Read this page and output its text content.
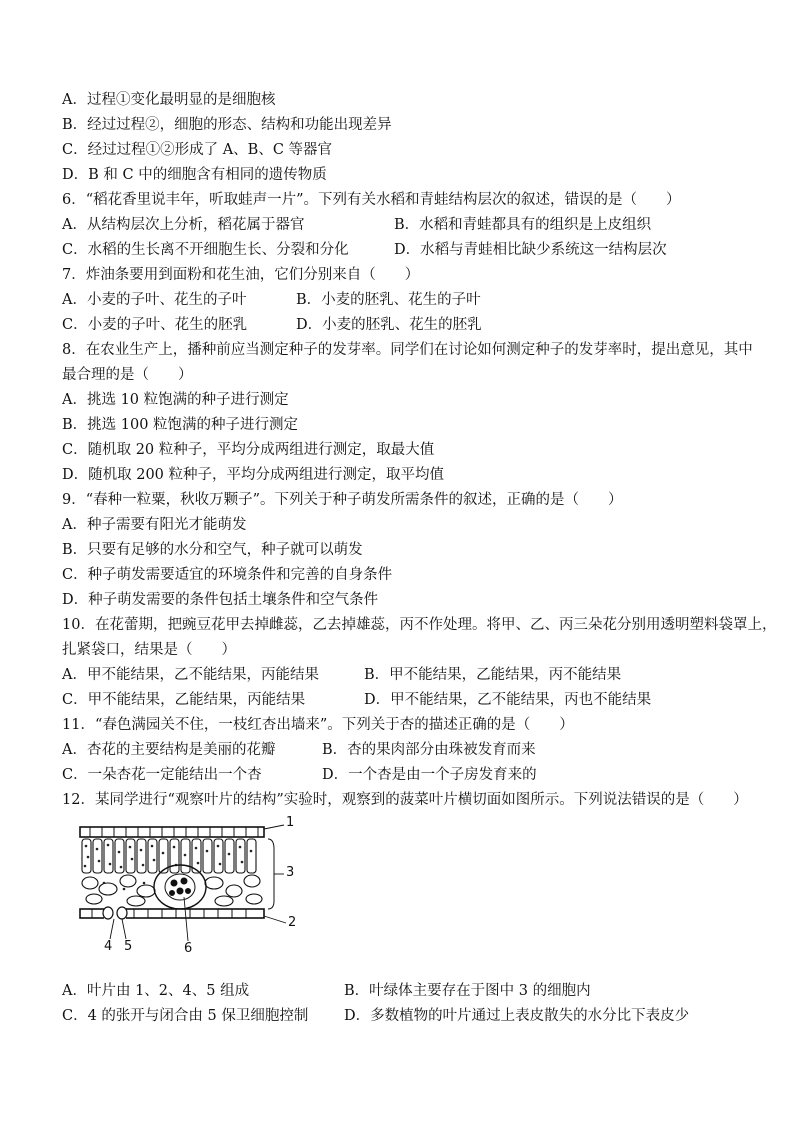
A．过程①变化最明显的是细胞核
B．经过过程②，细胞的形态、结构和功能出现差异
C．经过过程①②形成了 A、B、C 等器官
D．B 和 C 中的细胞含有相同的遗传物质
6．“稻花香里说丰年，听取蛙声一片”。下列有关水稻和青蛙结构层次的叙述，错误的是（　　）
A．从结构层次上分析，稻花属于器官	B．水稻和青蛙都具有的组织是上皮组织
C．水稻的生长离不开细胞生长、分裂和分化	D．水稻与青蛙相比缺少系统这一结构层次
7．炸油条要用到面粉和花生油，它们分别来自（　　）
A．小麦的子叶、花生的子叶	B．小麦的胚乳、花生的子叶
C．小麦的子叶、花生的胚乳	D．小麦的胚乳、花生的胚乳
8．在农业生产上，播种前应当测定种子的发芽率。同学们在讨论如何测定种子的发芽率时，提出意见，其中
最合理的是（　　）
A．挑选 10 粒饱满的种子进行测定
B．挑选 100 粒饱满的种子进行测定
C．随机取 20 粒种子，平均分成两组进行测定，取最大值
D．随机取 200 粒种子，平均分成两组进行测定，取平均值
9．“春种一粒粟，秋收万颗子”。下列关于种子萌发所需条件的叙述，正确的是（　　）
A．种子需要有阳光才能萌发
B．只要有足够的水分和空气，种子就可以萌发
C．种子萌发需要适宜的环境条件和完善的自身条件
D．种子萌发需要的条件包括土壤条件和空气条件
10．在花蕾期，把豌豆花甲去掉雌蕊，乙去掉雄蕊，丙不作处理。将甲、乙、丙三朵花分别用透明塑料袋罩上，
扎紧袋口，结果是（　　）
A．甲不能结果，乙不能结果，丙能结果	B．甲不能结果，乙能结果，丙不能结果
C．甲不能结果，乙能结果，丙能结果	D．甲不能结果，乙不能结果，丙也不能结果
11．“春色满园关不住，一枝红杏出墙来”。下列关于杏的描述正确的是（　　）
A．杏花的主要结构是美丽的花瓣	B．杏的果肉部分由珠被发育而来
C．一朵杏花一定能结出一个杏	D．一个杏是由一个子房发育来的
12．某同学进行“观察叶片的结构”实验时，观察到的菠菜叶片横切面如图所示。下列说法错误的是（　　）
1
2
3
4 5	6
A．叶片由 1、2、4、5 组成	B．叶绿体主要存在于图中 3 的细胞内
C．4 的张开与闭合由 5 保卫细胞控制	D．多数植物的叶片通过上表皮散失的水分比下表皮少
